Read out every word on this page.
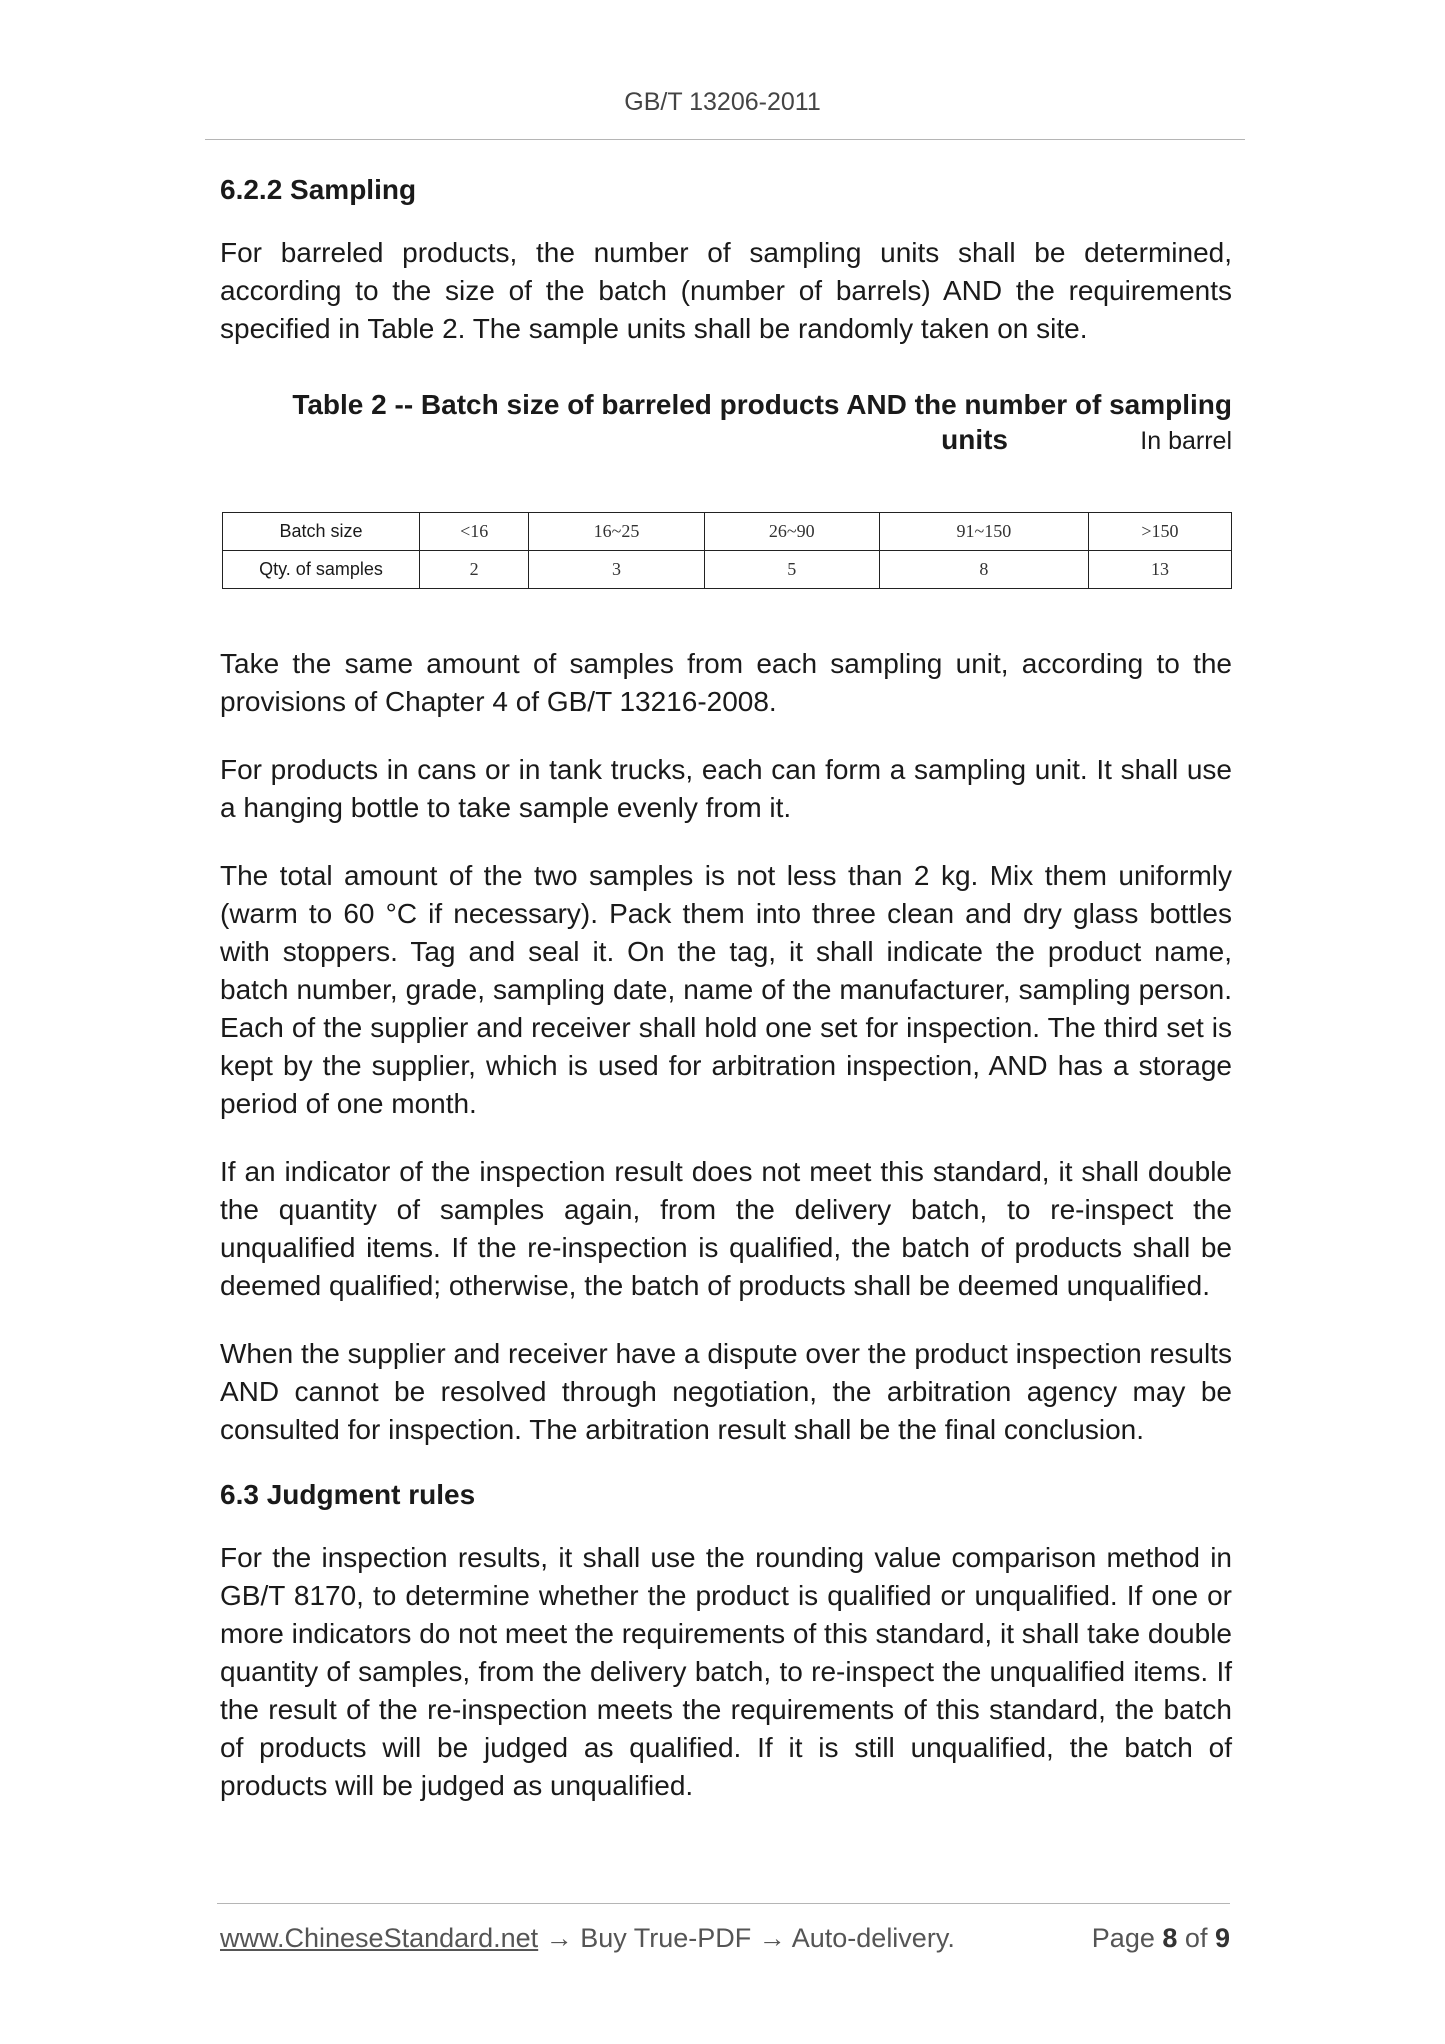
GB/T 13206-2011
6.2.2 Sampling

For barreled products, the number of sampling units shall be determined, according to the size of the batch (number of barrels) AND the requirements specified in Table 2. The sample units shall be randomly taken on site.

Table 2 -- Batch size of barreled products AND the number of sampling
units	In barrel
Batch size	<16	16~25	26~90	91~150	>150
Qty. of samples	2	3	5	8	13

Take the same amount of samples from each sampling unit, according to the provisions of Chapter 4 of GB/T 13216-2008.

For products in cans or in tank trucks, each can form a sampling unit. It shall use a hanging bottle to take sample evenly from it.

The total amount of the two samples is not less than 2 kg. Mix them uniformly (warm to 60 °C if necessary). Pack them into three clean and dry glass bottles with stoppers. Tag and seal it. On the tag, it shall indicate the product name, batch number, grade, sampling date, name of the manufacturer, sampling person. Each of the supplier and receiver shall hold one set for inspection. The third set is kept by the supplier, which is used for arbitration inspection, AND has a storage period of one month.

If an indicator of the inspection result does not meet this standard, it shall double the quantity of samples again, from the delivery batch, to re-inspect the unqualified items. If the re-inspection is qualified, the batch of products shall be deemed qualified; otherwise, the batch of products shall be deemed unqualified.

When the supplier and receiver have a dispute over the product inspection results AND cannot be resolved through negotiation, the arbitration agency may be consulted for inspection. The arbitration result shall be the final conclusion.

6.3 Judgment rules

For the inspection results, it shall use the rounding value comparison method in GB/T 8170, to determine whether the product is qualified or unqualified. If one or more indicators do not meet the requirements of this standard, it shall take double quantity of samples, from the delivery batch, to re-inspect the unqualified items. If the result of the re-inspection meets the requirements of this standard, the batch of products will be judged as qualified. If it is still unqualified, the batch of products will be judged as unqualified.

www.ChineseStandard.net → Buy True-PDF → Auto-delivery.	Page 8 of 9
